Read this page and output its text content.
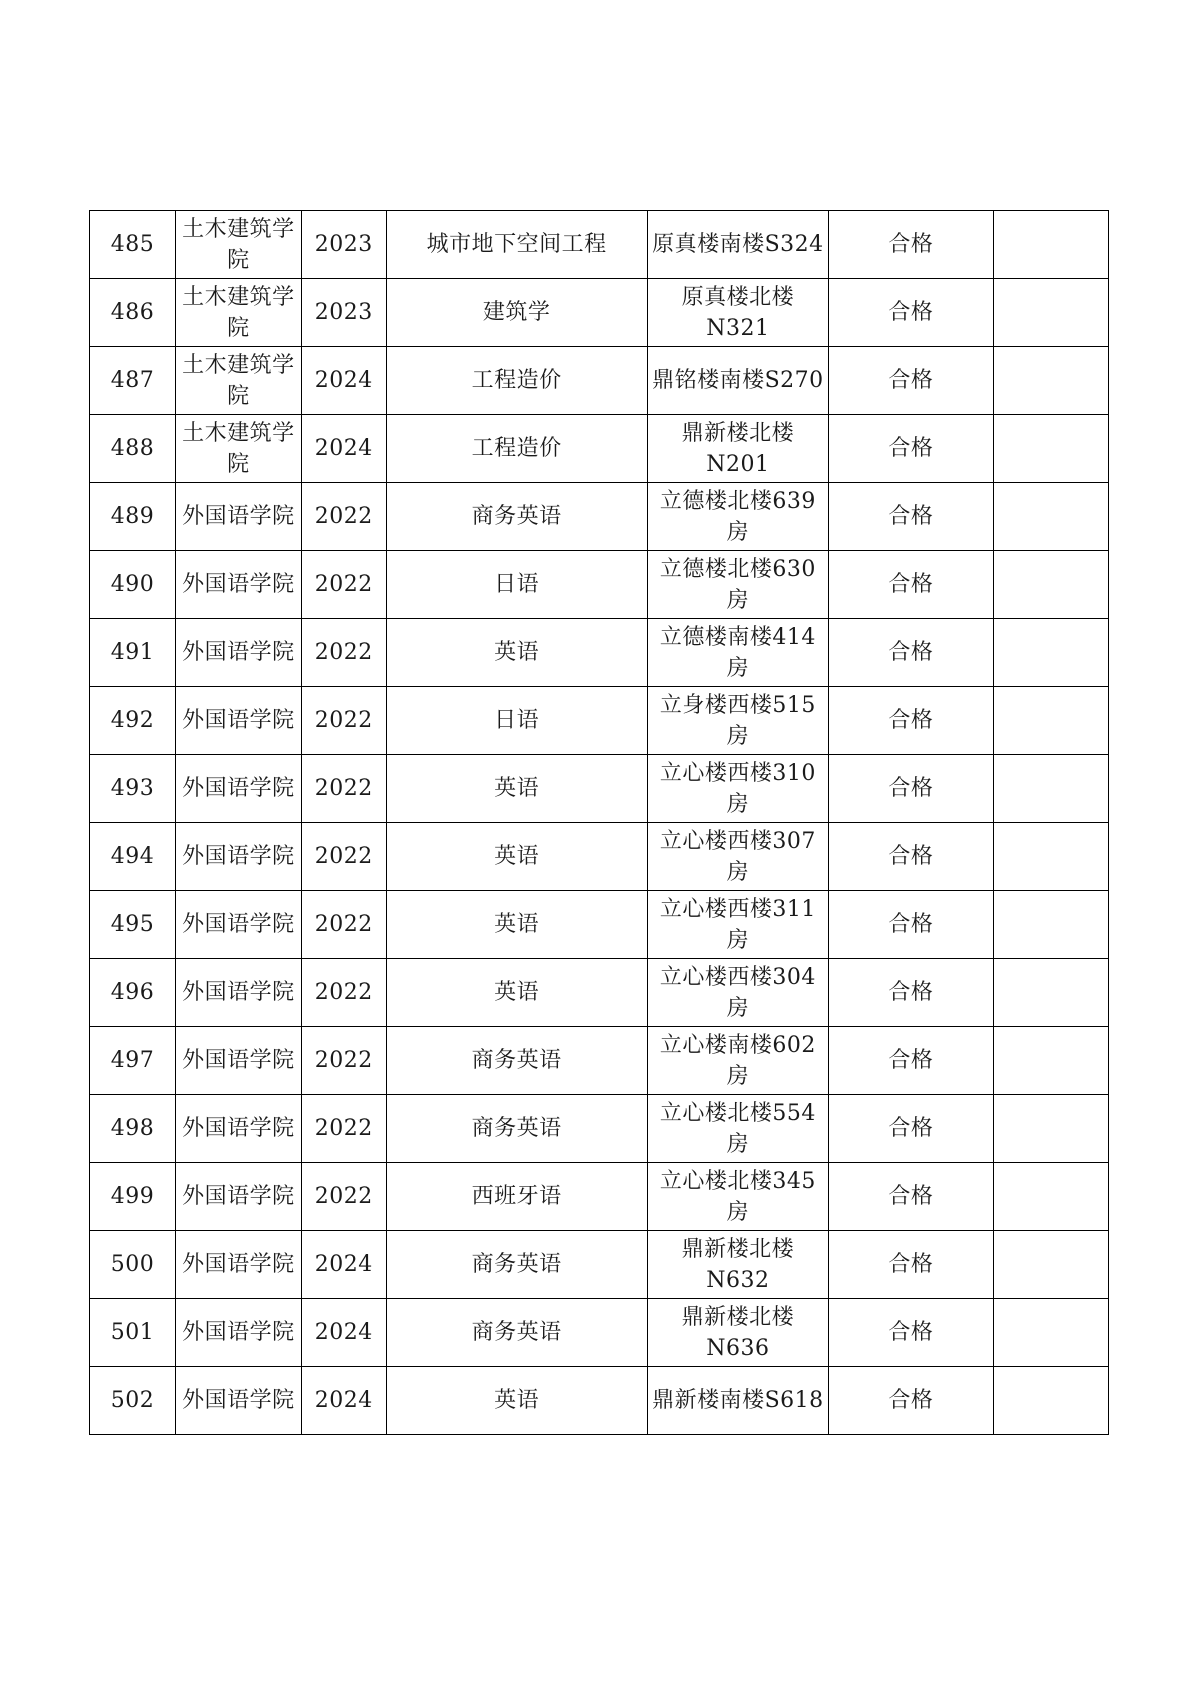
485	土木建筑学院	2023	城市地下空间工程	原真楼南楼S324	合格	
486	土木建筑学院	2023	建筑学	原真楼北楼N321	合格	
487	土木建筑学院	2024	工程造价	鼎铭楼南楼S270	合格	
488	土木建筑学院	2024	工程造价	鼎新楼北楼N201	合格	
489	外国语学院	2022	商务英语	立德楼北楼639房	合格	
490	外国语学院	2022	日语	立德楼北楼630房	合格	
491	外国语学院	2022	英语	立德楼南楼414房	合格	
492	外国语学院	2022	日语	立身楼西楼515房	合格	
493	外国语学院	2022	英语	立心楼西楼310房	合格	
494	外国语学院	2022	英语	立心楼西楼307房	合格	
495	外国语学院	2022	英语	立心楼西楼311房	合格	
496	外国语学院	2022	英语	立心楼西楼304房	合格	
497	外国语学院	2022	商务英语	立心楼南楼602房	合格	
498	外国语学院	2022	商务英语	立心楼北楼554房	合格	
499	外国语学院	2022	西班牙语	立心楼北楼345房	合格	
500	外国语学院	2024	商务英语	鼎新楼北楼N632	合格	
501	外国语学院	2024	商务英语	鼎新楼北楼N636	合格	
502	外国语学院	2024	英语	鼎新楼南楼S618	合格	
